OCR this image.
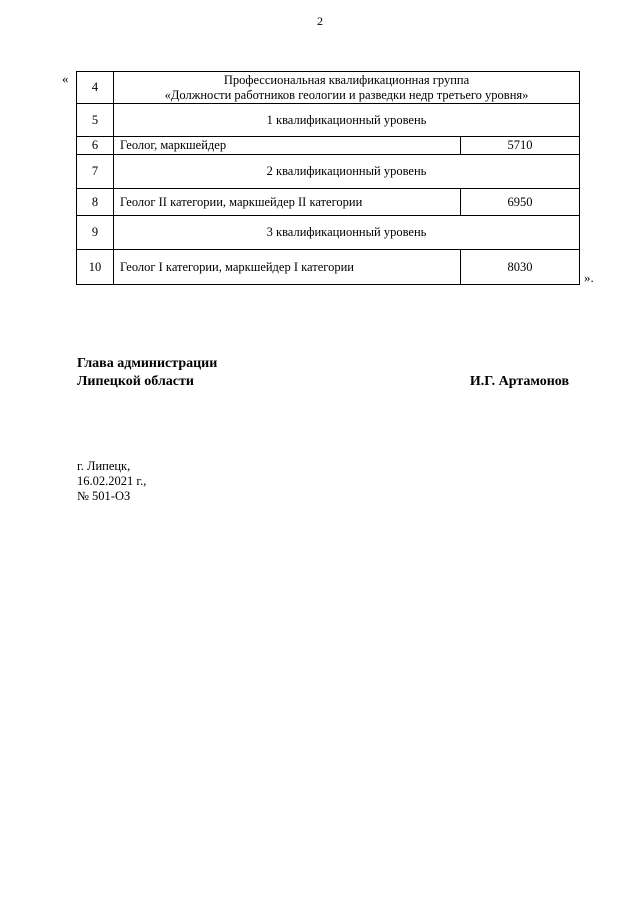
2
«
4	Профессиональная квалификационная группа
«Должности работников геологии и разведки недр третьего уровня»	

5	1 квалификационный уровень	
6	Геолог, маркшейдер	5710
7	2 квалификационный уровень	
8	Геолог II категории, маркшейдер II категории	6950
9	3 квалификационный уровень	
10	Геолог I категории, маркшейдер I категории	8030
».
Глава администрации
Липецкой области	И.Г. Артамонов
г. Липецк,
16.02.2021 г.,
№ 501-ОЗ
